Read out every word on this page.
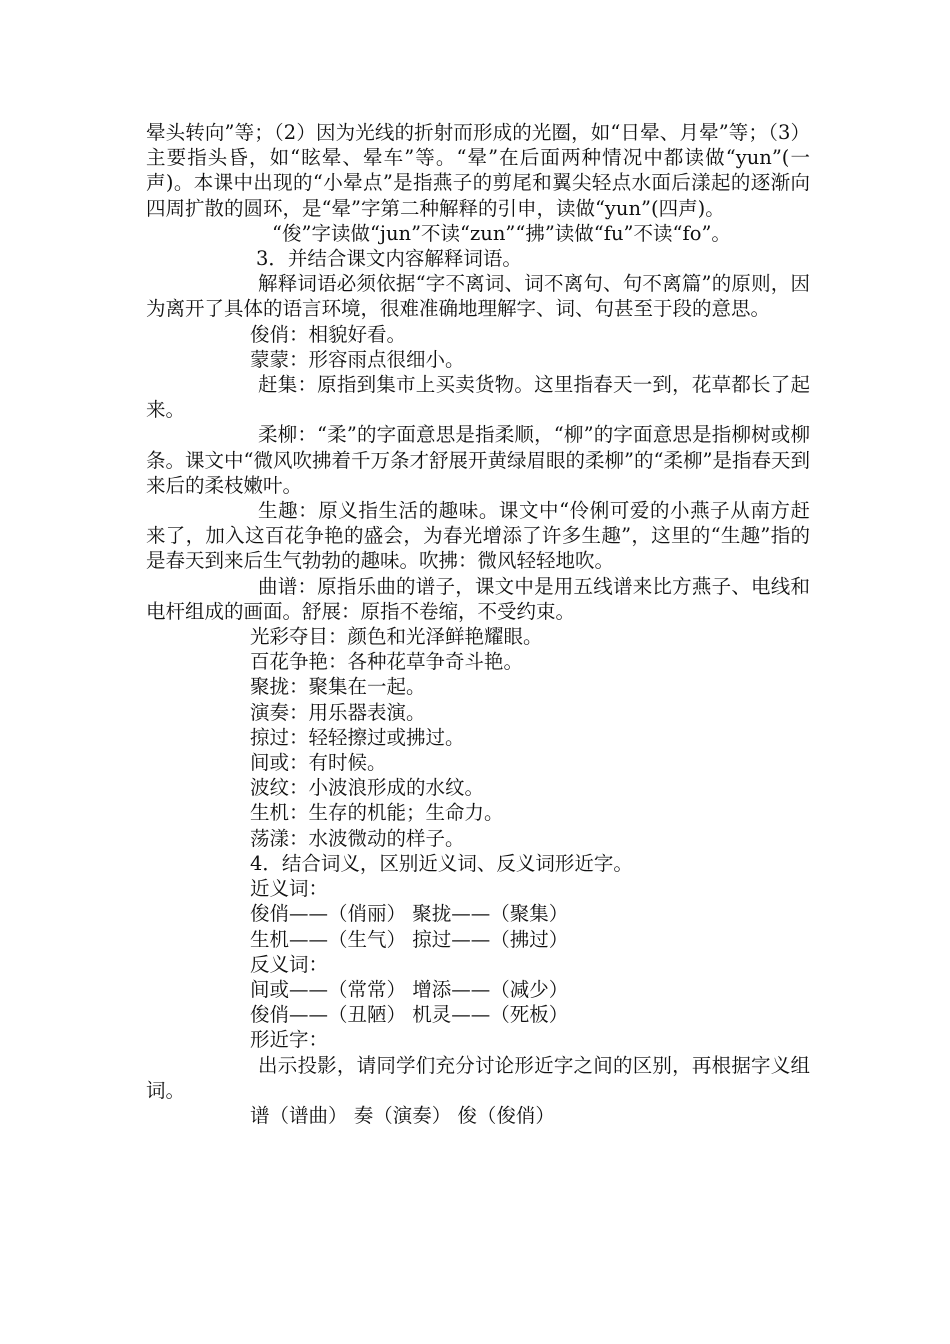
晕头转向”等；（2）因为光线的折射而形成的光圈，如“日晕、月晕”等；（3）主要指头昏，如“眩晕、晕车”等。“晕”在后面两种情况中都读做“yun”(一声)。本课中出现的“小晕点”是指燕子的剪尾和翼尖轻点水面后漾起的逐渐向四周扩散的圆环，是“晕”字第二种解释的引申，读做“yun”(四声)。

“俊”字读做“jun”不读“zun”“拂”读做“fu”不读“fo”。

3．并结合课文内容解释词语。

解释词语必须依据“字不离词、词不离句、句不离篇”的原则，因为离开了具体的语言环境，很难准确地理解字、词、句甚至于段的意思。

俊俏：相貌好看。

蒙蒙：形容雨点很细小。

赶集：原指到集市上买卖货物。这里指春天一到，花草都长了起来。

柔柳：“柔”的字面意思是指柔顺，“柳”的字面意思是指柳树或柳条。课文中“微风吹拂着千万条才舒展开黄绿眉眼的柔柳”的“柔柳”是指春天到来后的柔枝嫩叶。

生趣：原义指生活的趣味。课文中“伶俐可爱的小燕子从南方赶来了，加入这百花争艳的盛会，为春光增添了许多生趣”，这里的“生趣”指的是春天到来后生气勃勃的趣味。吹拂：微风轻轻地吹。

曲谱：原指乐曲的谱子，课文中是用五线谱来比方燕子、电线和电杆组成的画面。舒展：原指不卷缩，不受约束。

光彩夺目：颜色和光泽鲜艳耀眼。

百花争艳：各种花草争奇斗艳。

聚拢：聚集在一起。

演奏：用乐器表演。

掠过：轻轻擦过或拂过。

间或：有时候。

波纹：小波浪形成的水纹。

生机：生存的机能；生命力。

荡漾：水波微动的样子。

4．结合词义，区别近义词、反义词形近字。

近义词：

俊俏——（俏丽） 聚拢——（聚集）

生机——（生气） 掠过——（拂过）

反义词：

间或——（常常） 增添——（减少）

俊俏——（丑陋） 机灵——（死板）

形近字：

出示投影，请同学们充分讨论形近字之间的区别，再根据字义组词。

谱（谱曲） 奏（演奏） 俊（俊俏）
